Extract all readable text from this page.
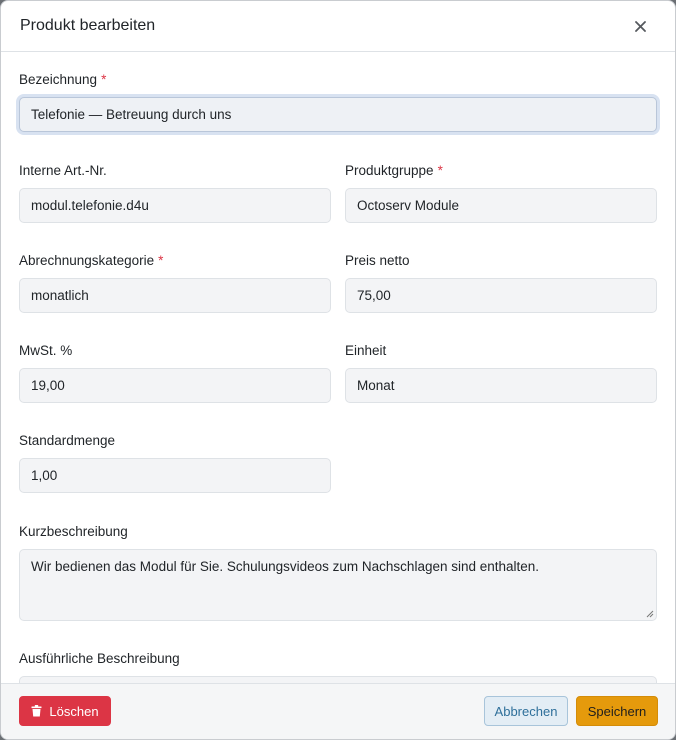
Produkt bearbeiten
Bezeichnung *
Telefonie — Betreuung durch uns
Interne Art.-Nr.
modul.telefonie.d4u
Produktgruppe *
Octoserv Module
Abrechnungskategorie *
monatlich
Preis netto
75,00
MwSt. %
19,00
Einheit
Monat
Standardmenge
1,00
Kurzbeschreibung
Wir bedienen das Modul für Sie. Schulungsvideos zum Nachschlagen sind enthalten.
Ausführliche Beschreibung
Löschen	Abbrechen	Speichern
